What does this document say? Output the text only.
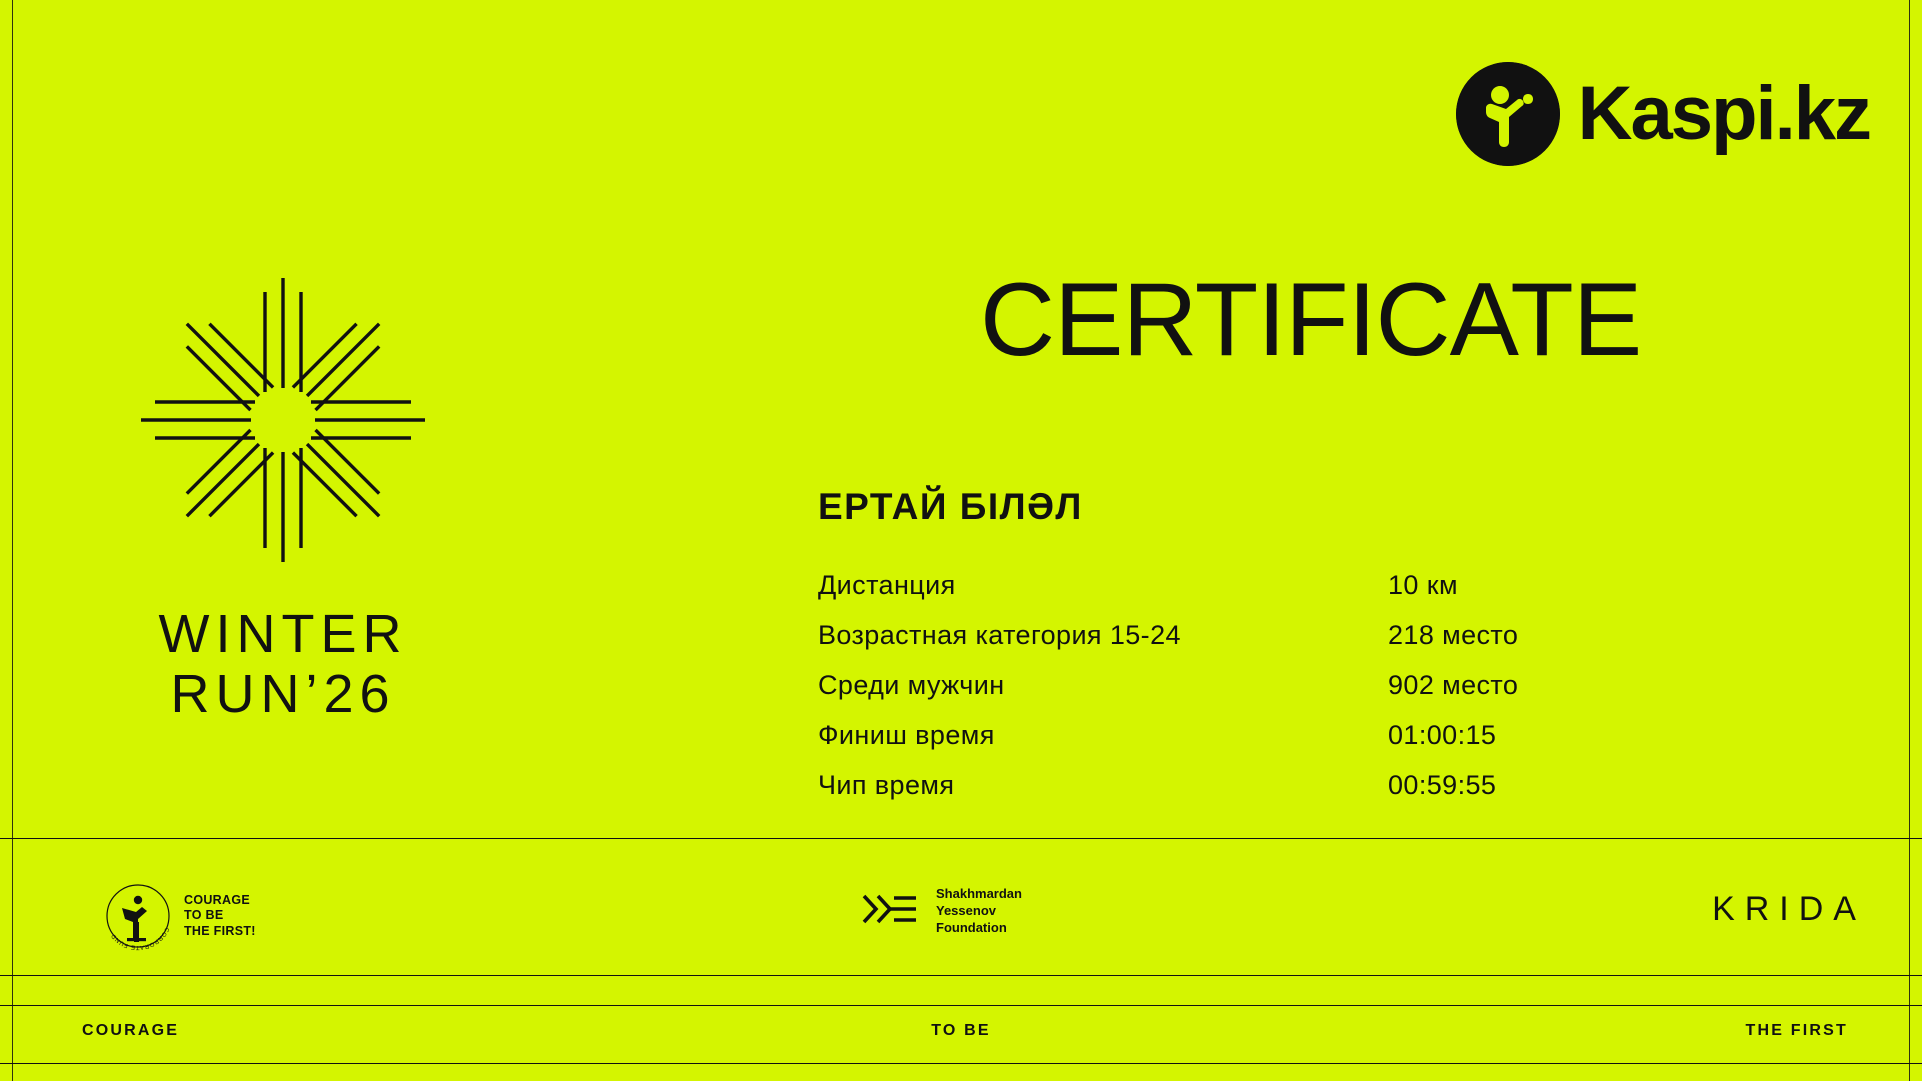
Kaspi.kz
WINTER
RUN’26
CERTIFICATE
ЕРТАЙ БІЛӘЛ
Дистанция	10 км
Возрастная категория 15-24	218 место
Среди мужчин	902 место
Финиш время	01:00:15
Чип время	00:59:55
CORPORATE FUND
COURAGE
TO BE
THE FIRST!
Shakhmardan
Yessenov
Foundation	KRIDA
COURAGE	TO BE	THE FIRST
